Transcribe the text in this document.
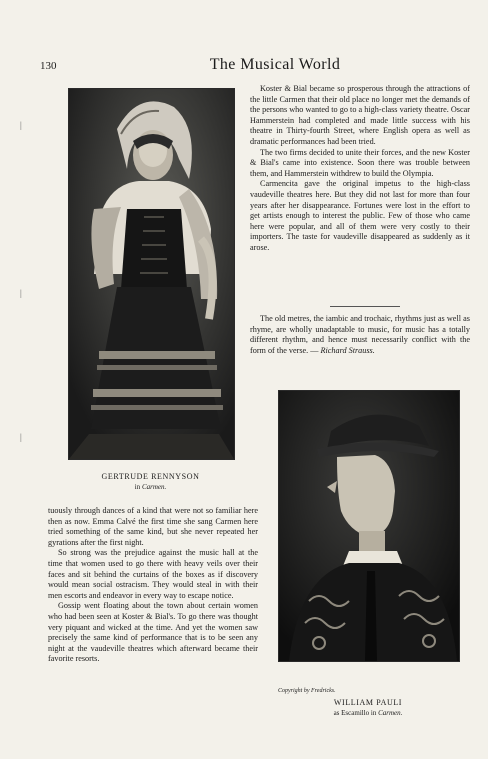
130	The Musical World
GERTRUDE RENNYSON
in Carmen.
Copyright by Fredricks.
WILLIAM PAULI
as Escamillo in Carmen.

Koster & Bial became so prosperous through the attractions of the little Carmen that their old place no longer met the demands of the persons who wanted to go to a high-class variety theatre. Oscar Hammerstein had completed and made little success with his theatre in Thirty-fourth Street, where English opera as well as dramatic performances had been tried.

The two firms decided to unite their forces, and the new Koster & Bial's came into existence. Soon there was trouble between them, and Hammerstein withdrew to build the Olympia.

Carmencita gave the original impetus to the high-class vaudeville theatres here. But they did not last for more than four years after her disappearance. Fortunes were lost in the effort to get artists enough to interest the public. Few of those who came here were popular, and all of them were very costly to their importers. The taste for vaudeville disappeared as suddenly as it arose.

The old metres, the iambic and trochaic, rhythms just as well as rhyme, are wholly unadaptable to music, for music has a totally different rhythm, and hence must necessarily conflict with the form of the verse. — Richard Strauss.

tuously through dances of a kind that were not so familiar here then as now. Emma Calvé the first time she sang Carmen here tried something of the same kind, but she never repeated her gyrations after the first night.

So strong was the prejudice against the music hall at the time that women used to go there with heavy veils over their faces and sit behind the curtains of the boxes as if discovery would mean social ostracism. They would steal in with their men escorts and endeavor in every way to escape notice.

Gossip went floating about the town about certain women who had been seen at Koster & Bial's. To go there was thought very piquant and wicked at the time. And yet the women saw precisely the same kind of performance that is to be seen any night at the vaudeville theatres which afterward became their favorite resorts.

|
|
|
